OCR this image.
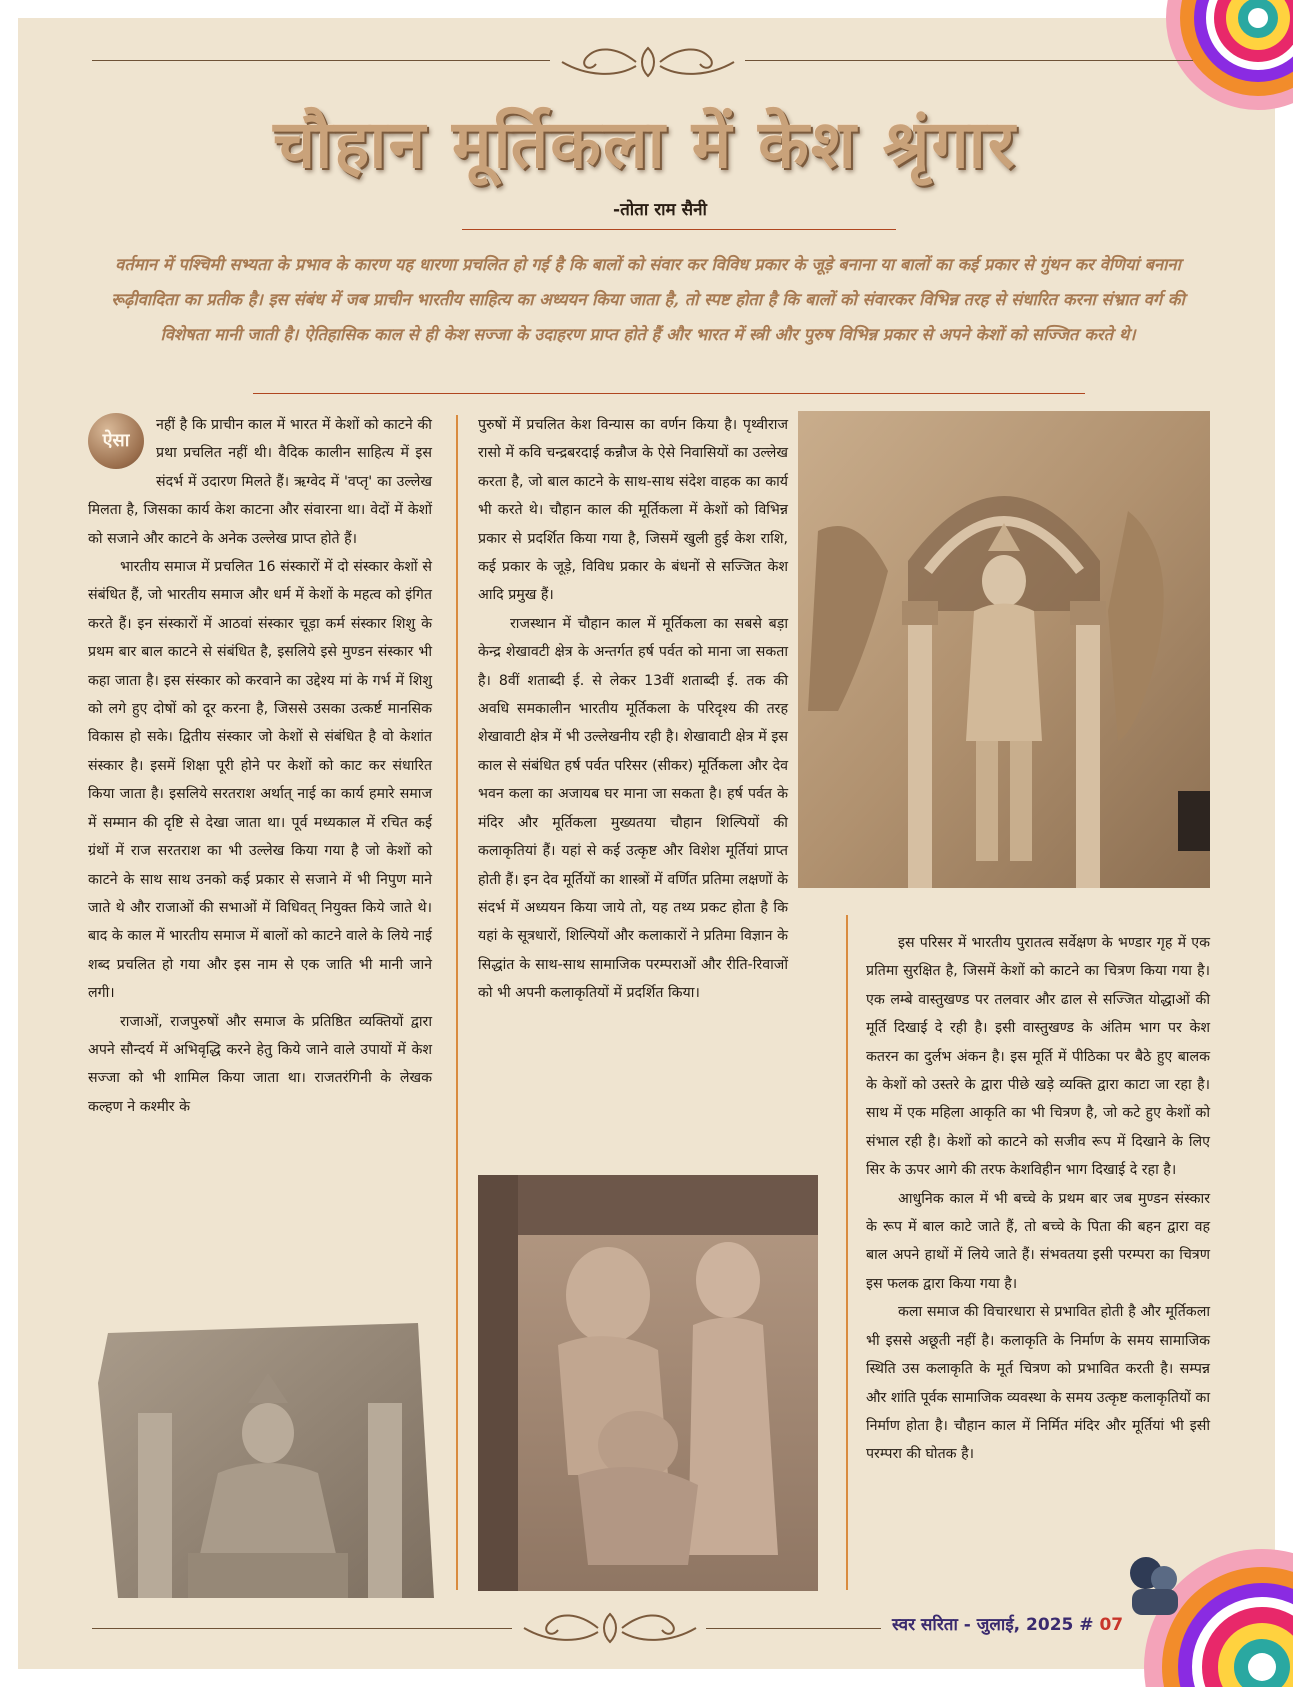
चौहान मूर्तिकला में केश श्रृंगार
-तोता राम सैनी
वर्तमान में पश्चिमी सभ्यता के प्रभाव के कारण यह धारणा प्रचलित हो गई है कि बालों को संवार कर विविध प्रकार के जूड़े बनाना या बालों का कई प्रकार से गुंथन कर वेणियां बनाना रूढ़ीवादिता का प्रतीक है। इस संबंध में जब प्राचीन भारतीय साहित्य का अध्ययन किया जाता है, तो स्पष्ट होता है कि बालों को संवारकर विभिन्न तरह से संधारित करना संभ्रात वर्ग की विशेषता मानी जाती है। ऐतिहासिक काल से ही केश सज्जा के उदाहरण प्राप्त होते हैं और भारत में स्त्री और पुरुष विभिन्न प्रकार से अपने केशों को सज्जित करते थे।
ऐसा

नहीं है कि प्राचीन काल में भारत में केशों को काटने की प्रथा प्रचलित नहीं थी। वैदिक कालीन साहित्य में इस संदर्भ में उदारण मिलते हैं। ऋग्वेद में 'वप्तृ' का उल्लेख मिलता है, जिसका कार्य केश काटना और संवारना था। वेदों में केशों को सजाने और काटने के अनेक उल्लेख प्राप्त होते हैं।

भारतीय समाज में प्रचलित 16 संस्कारों में दो संस्कार केशों से संबंधित हैं, जो भारतीय समाज और धर्म में केशों के महत्व को इंगित करते हैं। इन संस्कारों में आठवां संस्कार चूड़ा कर्म संस्कार शिशु के प्रथम बार बाल काटने से संबंधित है, इसलिये इसे मुण्डन संस्कार भी कहा जाता है। इस संस्कार को करवाने का उद्देश्य मां के गर्भ में शिशु को लगे हुए दोषों को दूर करना है, जिससे उसका उत्कर्ष्ट मानसिक विकास हो सके। द्वितीय संस्कार जो केशों से संबंधित है वो केशांत संस्कार है। इसमें शिक्षा पूरी होने पर केशों को काट कर संधारित किया जाता है। इसलिये सरतराश अर्थात् नाई का कार्य हमारे समाज में सम्मान की दृष्टि से देखा जाता था। पूर्व मध्यकाल में रचित कई ग्रंथों में राज सरतराश का भी उल्लेख किया गया है जो केशों को काटने के साथ साथ उनको कई प्रकार से सजाने में भी निपुण माने जाते थे और राजाओं की सभाओं में विधिवत् नियुक्त किये जाते थे। बाद के काल में भारतीय समाज में बालों को काटने वाले के लिये नाई शब्द प्रचलित हो गया और इस नाम से एक जाति भी मानी जाने लगी।

राजाओं, राजपुरुषों और समाज के प्रतिष्ठित व्यक्तियों द्वारा अपने सौन्दर्य में अभिवृद्धि करने हेतु किये जाने वाले उपायों में केश सज्जा को भी शामिल किया जाता था। राजतरंगिनी के लेखक कल्हण ने कश्मीर के

पुरुषों में प्रचलित केश विन्यास का वर्णन किया है। पृथ्वीराज रासो में कवि चन्द्रबरदाई कन्नौज के ऐसे निवासियों का उल्लेख करता है, जो बाल काटने के साथ-साथ संदेश वाहक का कार्य भी करते थे। चौहान काल की मूर्तिकला में केशों को विभिन्न प्रकार से प्रदर्शित किया गया है, जिसमें खुली हुई केश राशि, कई प्रकार के जूड़े, विविध प्रकार के बंधनों से सज्जित केश आदि प्रमुख हैं।

राजस्थान में चौहान काल में मूर्तिकला का सबसे बड़ा केन्द्र शेखावटी क्षेत्र के अन्तर्गत हर्ष पर्वत को माना जा सकता है। 8वीं शताब्दी ई. से लेकर 13वीं शताब्दी ई. तक की अवधि समकालीन भारतीय मूर्तिकला के परिदृश्य की तरह शेखावाटी क्षेत्र में भी उल्लेखनीय रही है। शेखावाटी क्षेत्र में इस काल से संबंधित हर्ष पर्वत परिसर (सीकर) मूर्तिकला और देव भवन कला का अजायब घर माना जा सकता है। हर्ष पर्वत के मंदिर और मूर्तिकला मुख्यतया चौहान शिल्पियों की कलाकृतियां हैं। यहां से कई उत्कृष्ट और विशेश मूर्तियां प्राप्त होती हैं। इन देव मूर्तियों का शास्त्रों में वर्णित प्रतिमा लक्षणों के संदर्भ में अध्ययन किया जाये तो, यह तथ्य प्रकट होता है कि यहां के सूत्रधारों, शिल्पियों और कलाकारों ने प्रतिमा विज्ञान के सिद्धांत के साथ-साथ सामाजिक परम्पराओं और रीति-रिवाजों को भी अपनी कलाकृतियों में प्रदर्शित किया।

इस परिसर में भारतीय पुरातत्व सर्वेक्षण के भण्डार गृह में एक प्रतिमा सुरक्षित है, जिसमें केशों को काटने का चित्रण किया गया है। एक लम्बे वास्तुखण्ड पर तलवार और ढाल से सज्जित योद्धाओं की मूर्ति दिखाई दे रही है। इसी वास्तुखण्ड के अंतिम भाग पर केश कतरन का दुर्लभ अंकन है। इस मूर्ति में पीठिका पर बैठे हुए बालक के केशों को उस्तरे के द्वारा पीछे खड़े व्यक्ति द्वारा काटा जा रहा है। साथ में एक महिला आकृति का भी चित्रण है, जो कटे हुए केशों को संभाल रही है। केशों को काटने को सजीव रूप में दिखाने के लिए सिर के ऊपर आगे की तरफ केशविहीन भाग दिखाई दे रहा है।

आधुनिक काल में भी बच्चे के प्रथम बार जब मुण्डन संस्कार के रूप में बाल काटे जाते हैं, तो बच्चे के पिता की बहन द्वारा वह बाल अपने हाथों में लिये जाते हैं। संभवतया इसी परम्परा का चित्रण इस फलक द्वारा किया गया है।

कला समाज की विचारधारा से प्रभावित होती है और मूर्तिकला भी इससे अछूती नहीं है। कलाकृति के निर्माण के समय सामाजिक स्थिति उस कलाकृति के मूर्त चित्रण को प्रभावित करती है। सम्पन्न और शांति पूर्वक सामाजिक व्यवस्था के समय उत्कृष्ट कलाकृतियों का निर्माण होता है। चौहान काल में निर्मित मंदिर और मूर्तियां भी इसी परम्परा की घोतक है।

स्वर सरिता - जुलाई, 2025 # 07
